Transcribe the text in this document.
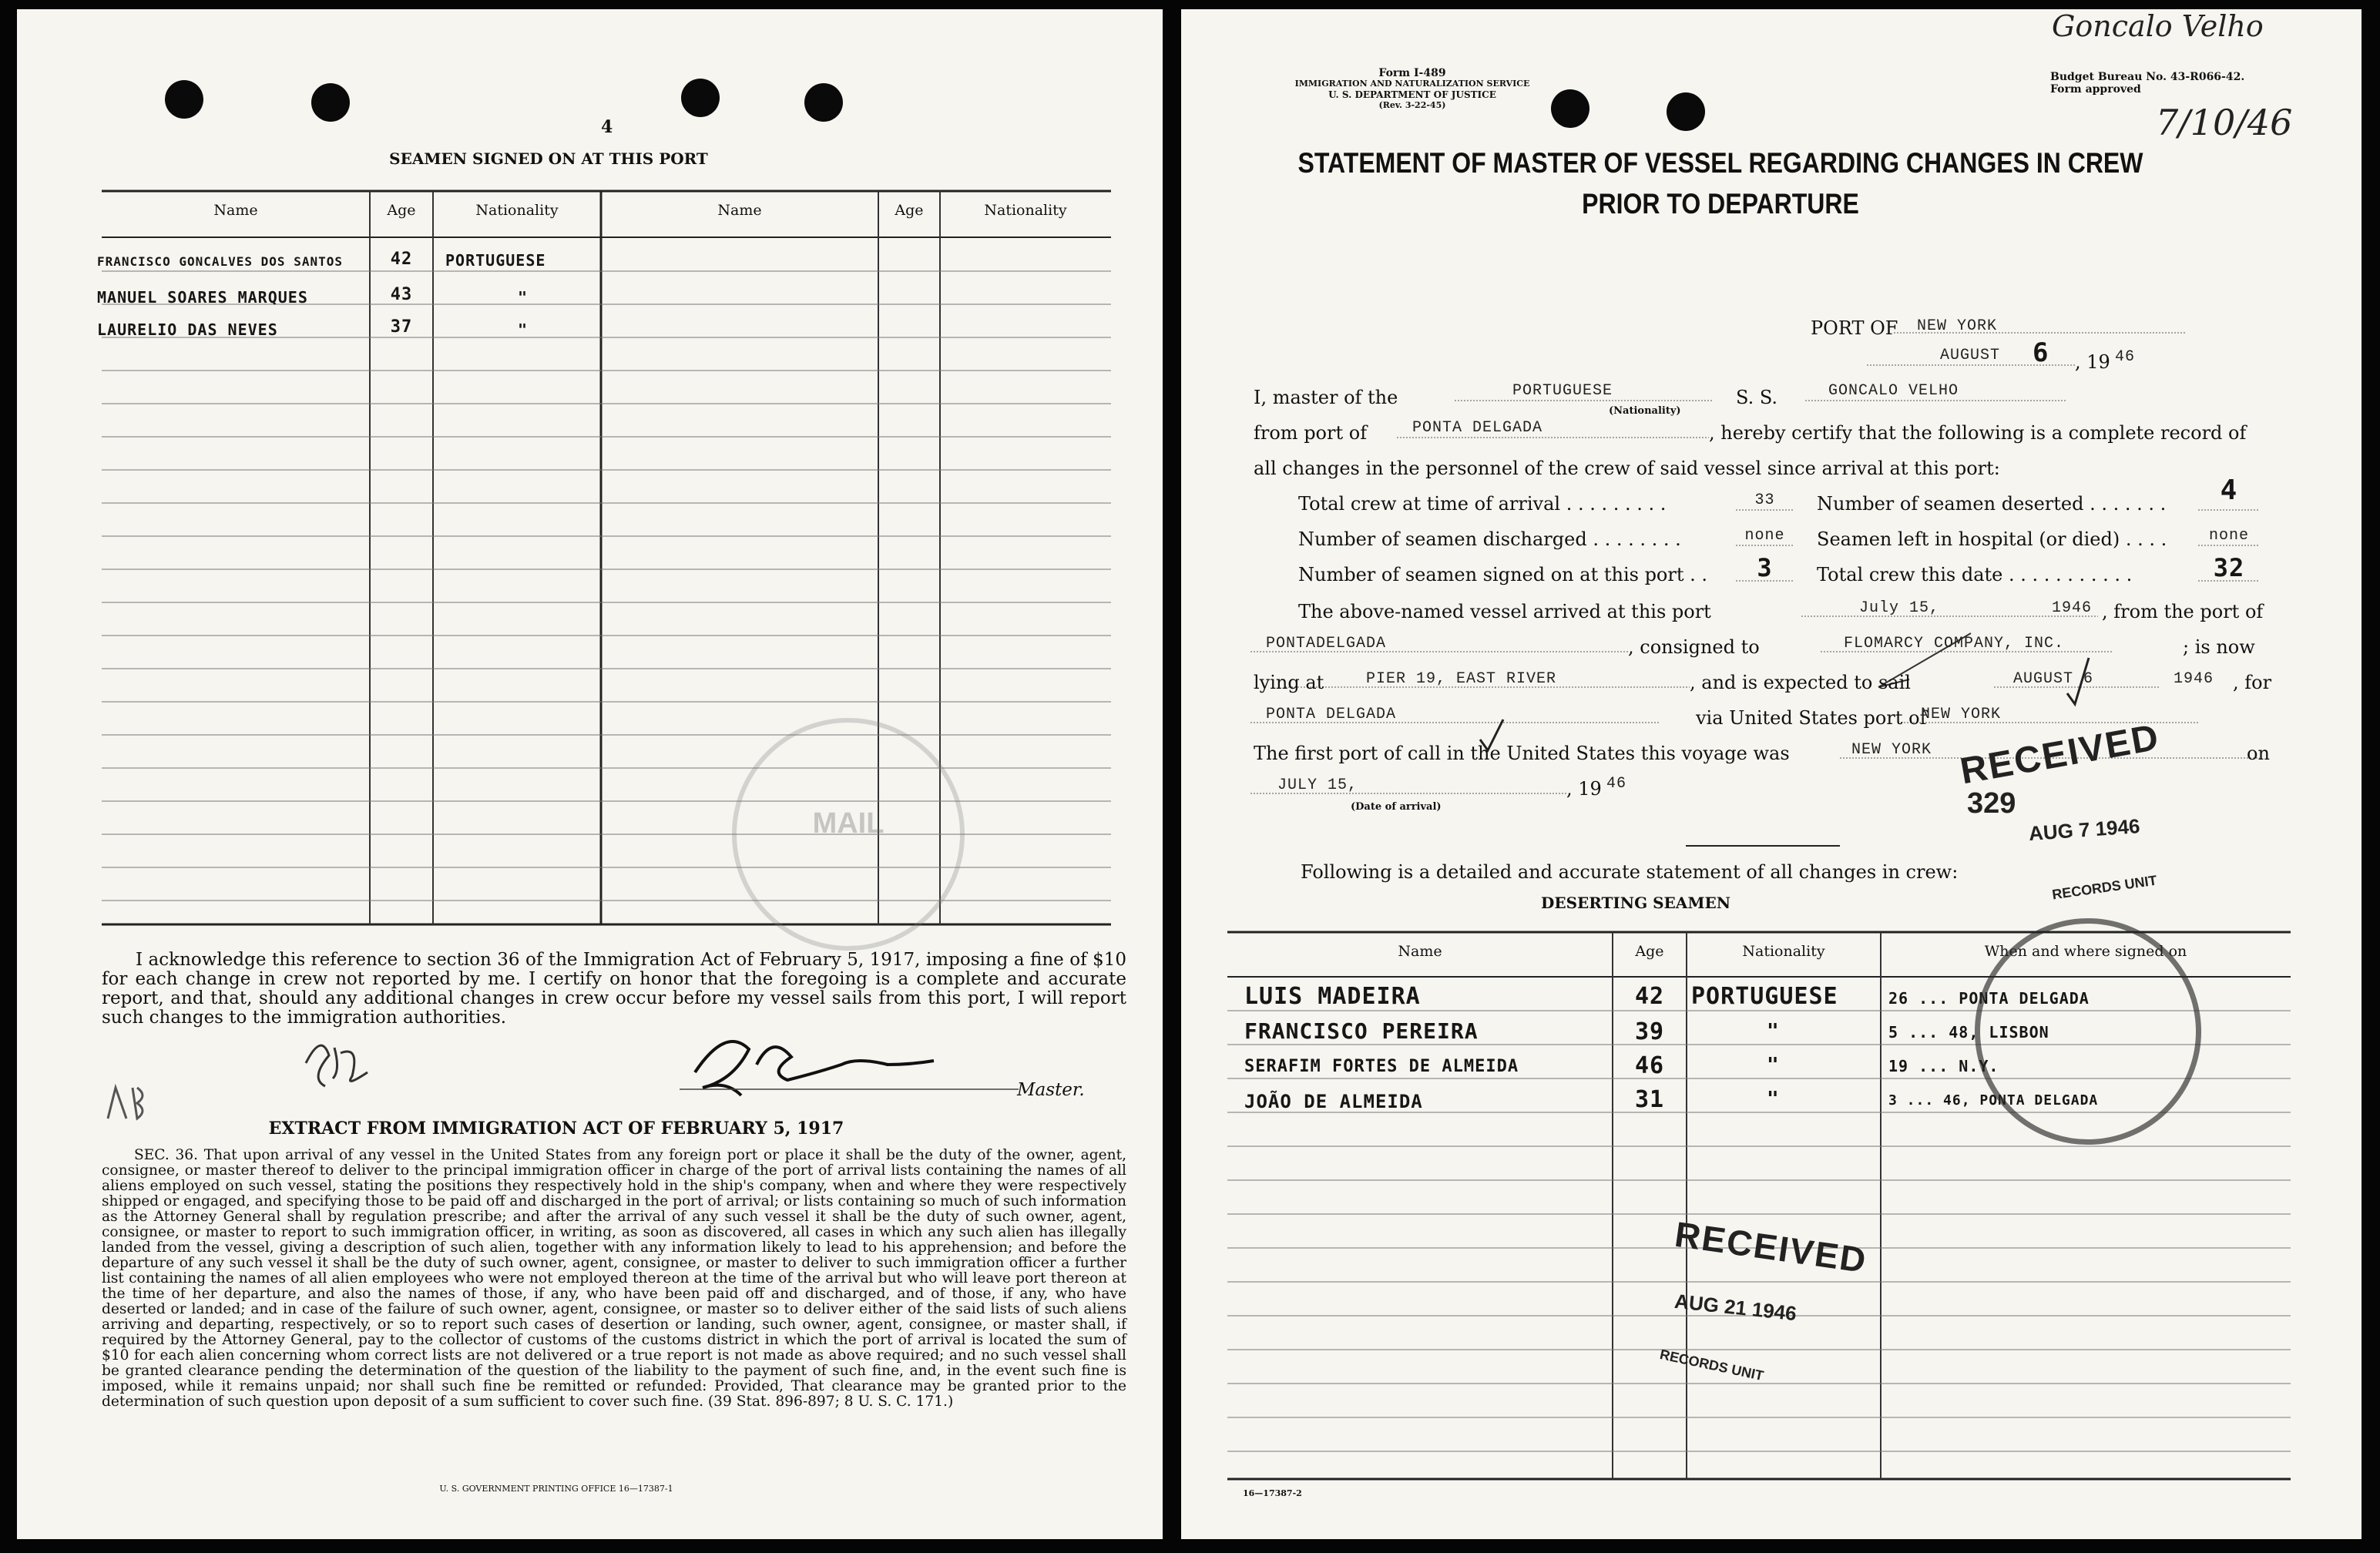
4
SEAMEN SIGNED ON AT THIS PORT
Name	Age	Nationality	Name	Age	Nationality
FRANCISCO GONCALVES DOS SANTOS	42	PORTUGUESE
MANUEL SOARES MARQUES	43	"
LAURELIO DAS NEVES	37	"
MAIL
I acknowledge this reference to section 36 of the Immigration Act of February 5, 1917, imposing a fine of $10 for each change in crew not reported by me. I certify on honor that the foregoing is a complete and accurate report, and that, should any additional changes in crew occur before my vessel sails from this port, I will report such changes to the immigration authorities.
Master.
EXTRACT FROM IMMIGRATION ACT OF FEBRUARY 5, 1917
SEC. 36. That upon arrival of any vessel in the United States from any foreign port or place it shall be the duty of the owner, agent, consignee, or master thereof to deliver to the principal immigration officer in charge of the port of arrival lists containing the names of all aliens employed on such vessel, stating the positions they respectively hold in the ship's company, when and where they were respectively shipped or engaged, and specifying those to be paid off and discharged in the port of arrival; or lists containing so much of such information as the Attorney General shall by regulation prescribe; and after the arrival of any such vessel it shall be the duty of such owner, agent, consignee, or master to report to such immigration officer, in writing, as soon as discovered, all cases in which any such alien has illegally landed from the vessel, giving a description of such alien, together with any information likely to lead to his apprehension; and before the departure of any such vessel it shall be the duty of such owner, agent, consignee, or master to deliver to such immigration officer a further list containing the names of all alien employees who were not employed thereon at the time of the arrival but who will leave port thereon at the time of her departure, and also the names of those, if any, who have been paid off and discharged, and of those, if any, who have deserted or landed; and in case of the failure of such owner, agent, consignee, or master so to deliver either of the said lists of such aliens arriving and departing, respectively, or so to report such cases of desertion or landing, such owner, agent, consignee, or master shall, if required by the Attorney General, pay to the collector of customs of the customs district in which the port of arrival is located the sum of $10 for each alien concerning whom correct lists are not delivered or a true report is not made as above required; and no such vessel shall be granted clearance pending the determination of the question of the liability to the payment of such fine, and, in the event such fine is imposed, while it remains unpaid; nor shall such fine be remitted or refunded: Provided, That clearance may be granted prior to the determination of such question upon deposit of a sum sufficient to cover such fine. (39 Stat. 896-897; 8 U. S. C. 171.)
U. S. GOVERNMENT PRINTING OFFICE 16—17387-1
Goncalo Velho
7/10/46
Form I-489
IMMIGRATION AND NATURALIZATION SERVICE
U. S. DEPARTMENT OF JUSTICE
(Rev. 3-22-45)
Budget Bureau No. 43-R066-42.
Form approved
STATEMENT OF MASTER OF VESSEL REGARDING CHANGES IN CREW
PRIOR TO DEPARTURE
PORT OF NEW YORK
AUGUST 6 , 19 46
I, master of the	PORTUGUESE
(Nationality)
S. S.	GONCALO VELHO
from port of	PONTA DELGADA	, hereby certify that the following is a complete record of
all changes in the personnel of the crew of said vessel since arrival at this port:
Total crew at time of arrival . . . . . . . . .	33	Number of seamen deserted . . . . . . .	4
Number of seamen discharged . . . . . . . .	none	Seamen left in hospital (or died) . . . .	none
Number of seamen signed on at this port . .	3	Total crew this date . . . . . . . . . . .	32
The above-named vessel arrived at this port	July 15,	1946 , from the port of
PONTADELGADA	, consigned to	FLOMARCY COMPANY, INC.	; is now
lying at	PIER 19, EAST RIVER	, and is expected to sail	AUGUST 6	1946 , for
PONTA DELGADA	via United States port of
NEW YORK
The first port of call in the United States this voyage was	NEW YORK	on
JULY 15,	, 19 46
(Date of arrival)
Following is a detailed and accurate statement of all changes in crew:
DESERTING SEAMEN
Name	Age	Nationality	When and where signed on
LUIS MADEIRA	42	PORTUGUESE	26 ... PONTA DELGADA
FRANCISCO PEREIRA	39	"	5 ... 48, LISBON
SERAFIM FORTES DE ALMEIDA	46	"	19 ... N.Y.
JOÃO DE ALMEIDA	31	"	3 ... 46, PONTA DELGADA
RECEIVED
329
AUG 7 1946
RECORDS UNIT
RECEIVED
AUG 21 1946
RECORDS UNIT
16—17387-2
